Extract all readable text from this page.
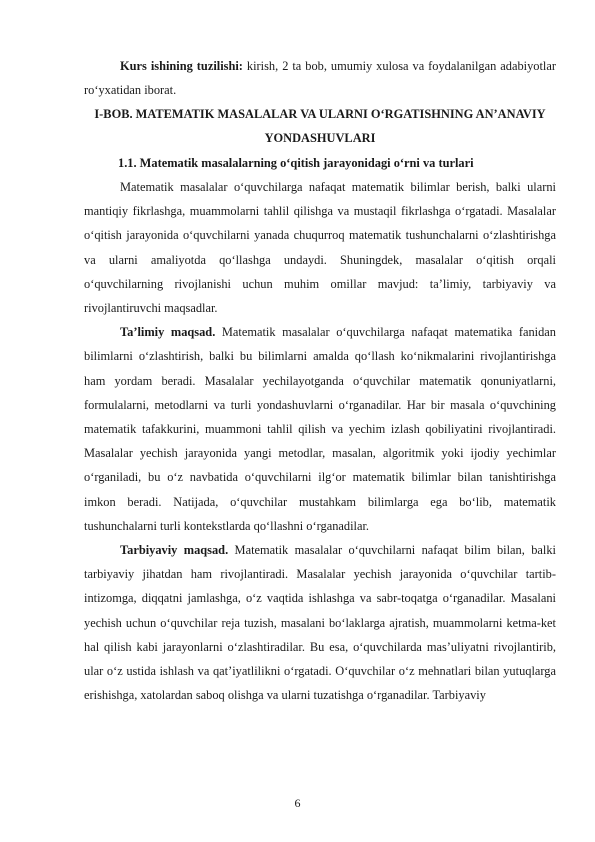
Kurs ishining tuzilishi: kirish, 2 ta bob, umumiy xulosa va foydalanilgan adabiyotlar ro‘yxatidan iborat.

I-BOB. MATEMATIK MASALALAR VA ULARNI O‘RGATISHNING AN’ANAVIY YONDASHUVLARI

1.1. Matematik masalalarning o‘qitish jarayonidagi o‘rni va turlari

Matematik masalalar o‘quvchilarga nafaqat matematik bilimlar berish, balki ularni mantiqiy fikrlashga, muammolarni tahlil qilishga va mustaqil fikrlashga o‘rgatadi. Masalalar o‘qitish jarayonida o‘quvchilarni yanada chuqurroq matematik tushunchalarni o‘zlashtirishga va ularni amaliyotda qo‘llashga undaydi. Shuningdek, masalalar o‘qitish orqali o‘quvchilarning rivojlanishi uchun muhim omillar mavjud: ta’limiy, tarbiyaviy va rivojlantiruvchi maqsadlar.

Ta’limiy maqsad. Matematik masalalar o‘quvchilarga nafaqat matematika fanidan bilimlarni o‘zlashtirish, balki bu bilimlarni amalda qo‘llash ko‘nikmalarini rivojlantirishga ham yordam beradi. Masalalar yechilayotganda o‘quvchilar matematik qonuniyatlarni, formulalarni, metodlarni va turli yondashuvlarni o‘rganadilar. Har bir masala o‘quvchining matematik tafakkurini, muammoni tahlil qilish va yechim izlash qobiliyatini rivojlantiradi. Masalalar yechish jarayonida yangi metodlar, masalan, algoritmik yoki ijodiy yechimlar o‘rganiladi, bu o‘z navbatida o‘quvchilarni ilg‘or matematik bilimlar bilan tanishtirishga imkon beradi. Natijada, o‘quvchilar mustahkam bilimlarga ega bo‘lib, matematik tushunchalarni turli kontekstlarda qo‘llashni o‘rganadilar.

Tarbiyaviy maqsad. Matematik masalalar o‘quvchilarni nafaqat bilim bilan, balki tarbiyaviy jihatdan ham rivojlantiradi. Masalalar yechish jarayonida o‘quvchilar tartib-intizomga, diqqatni jamlashga, o‘z vaqtida ishlashga va sabr-toqatga o‘rganadilar. Masalani yechish uchun o‘quvchilar reja tuzish, masalani bo‘laklarga ajratish, muammolarni ketma-ket hal qilish kabi jarayonlarni o‘zlashtiradilar. Bu esa, o‘quvchilarda mas’uliyatni rivojlantirib, ular o‘z ustida ishlash va qat’iyatlilikni o‘rgatadi. O‘quvchilar o‘z mehnatlari bilan yutuqlarga erishishga, xatolardan saboq olishga va ularni tuzatishga o‘rganadilar. Tarbiyaviy

6
